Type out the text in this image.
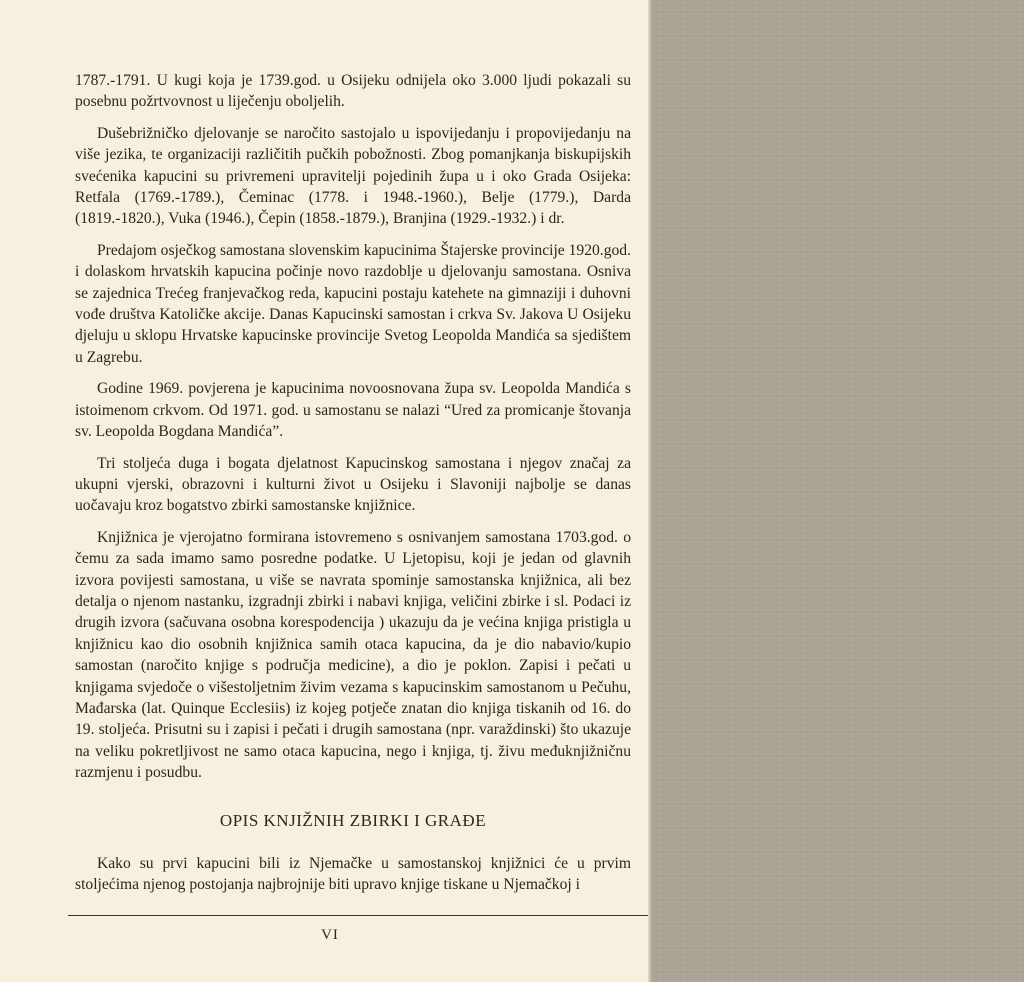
1787.-1791. U kugi koja je 1739.god. u Osijeku odnijela oko 3.000 ljudi pokazali su posebnu požrtvovnost u liječenju oboljelih.

Dušebrižničko djelovanje se naročito sastojalo u ispovijedanju i propovijedanju na više jezika, te organizaciji različitih pučkih pobožnosti. Zbog pomanjkanja biskupijskih svećenika kapucini su privremeni upravitelji pojedinih župa u i oko Grada Osijeka: Retfala (1769.-1789.), Čeminac (1778. i 1948.-1960.), Belje (1779.), Darda (1819.-1820.), Vuka (1946.), Čepin (1858.-1879.), Branjina (1929.-1932.) i dr.

Predajom osječkog samostana slovenskim kapucinima Štajerske provincije 1920.god. i dolaskom hrvatskih kapucina počinje novo razdoblje u djelovanju samostana. Osniva se zajednica Trećeg franjevačkog reda, kapucini postaju katehete na gimnaziji i duhovni vođe društva Katoličke akcije. Danas Kapucinski samostan i crkva Sv. Jakova U Osijeku djeluju u sklopu Hrvatske kapucinske provincije Svetog Leopolda Mandića sa sjedištem u Zagrebu.

Godine 1969. povjerena je kapucinima novoosnovana župa sv. Leopolda Mandića s istoimenom crkvom. Od 1971. god. u samostanu se nalazi “Ured za promicanje štovanja sv. Leopolda Bogdana Mandića”.

Tri stoljeća duga i bogata djelatnost Kapucinskog samostana i njegov značaj za ukupni vjerski, obrazovni i kulturni život u Osijeku i Slavoniji najbolje se danas uočavaju kroz bogatstvo zbirki samostanske knjižnice.

Knjižnica je vjerojatno formirana istovremeno s osnivanjem samostana 1703.god. o čemu za sada imamo samo posredne podatke. U Ljetopisu, koji je jedan od glavnih izvora povijesti samostana, u više se navrata spominje samostanska knjižnica, ali bez detalja o njenom nastanku, izgradnji zbirki i nabavi knjiga, veličini zbirke i sl. Podaci iz drugih izvora (sačuvana osobna korespodencija ) ukazuju da je većina knjiga pristigla u knjižnicu kao dio osobnih knjižnica samih otaca kapucina, da je dio nabavio/kupio samostan (naročito knjige s područja medicine), a dio je poklon. Zapisi i pečati u knjigama svjedoče o višestoljetnim živim vezama s kapucinskim samostanom u Pečuhu, Mađarska (lat. Quinque Ecclesiis) iz kojeg potječe znatan dio knjiga tiskanih od 16. do 19. stoljeća. Prisutni su i zapisi i pečati i drugih samostana (npr. varaždinski) što ukazuje na veliku pokretljivost ne samo otaca kapucina, nego i knjiga, tj. živu međuknjižničnu razmjenu i posudbu.

OPIS KNJIŽNIH ZBIRKI I GRAĐE

Kako su prvi kapucini bili iz Njemačke u samostanskoj knjižnici će u prvim stoljećima njenog postojanja najbrojnije biti upravo knjige tiskane u Njemačkoj i

VI
